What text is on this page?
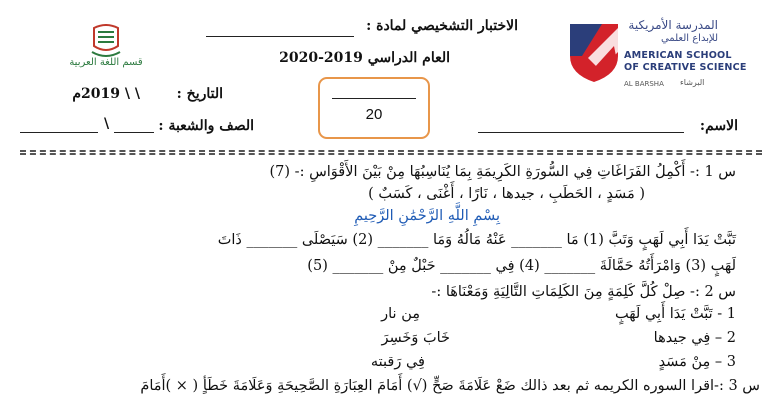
قسم اللغة العربية
المدرسة الأمريكية
للإبداع العلمي
AMERICAN SCHOOL
OF CREATIVE SCIENCE
AL BARSHA البرشاء
الاختبار التشخيصي لمادة :
العام الدراسي 2019-2020
التاريخ :
\ \ 2019م
الصف والشعبة :
\	الاسم:
20
س 1 :- أَكْمِلُ الفَرَاغَاتِ فِي السُّورَةِ الكَرِيمَةِ بِمَا يُنَاسِبُهَا مِنْ بَيْنَ الأَقْوَاسِ :- (7)
( مَسَدٍ ، الحَطَبِ ، جيدها ، نَارًا ، أَغْنَى ، كَسَبٌ )
بِسْمِ اللَّهِ الرَّحْمَٰنِ الرَّحِيمِ
تَبَّتْ يَدَا أَبِي لَهَبٍ وَتَبَّ (1) مَا _______ عَنْهُ مَالُهُ وَمَا _______ (2) سَيَصْلَى _______ ذَاتَ
لَهَبٍ (3) وَامْرَأَتُهُ حَمَّالَةَ _______ (4) فِي _______ حَبْلٌ مِنْ _______ (5)
س 2 :- صِلْ كُلَّ كَلِمَةٍ مِنَ الكَلِمَاتِ التَّالِيَةِ وَمَعْنَاهَا :-
1 - تَبَّتْ يَدَا أَبِي لَهَبٍ
مِن نار
2 – فِي جيدها
خَابَ وَخَسِرَ
3 – مِنْ مَسَدٍ
فِي رَقبته
س 3 :-اقرا السوره الكريمه ثم بعد ذالك ضَعْ عَلَامَةَ صَحٍّ (√) أَمَامَ العِبَارَةِ الصَّحِيحَةِ وَعَلَامَةَ خَطَأٍ ( × )أَمَامَ
